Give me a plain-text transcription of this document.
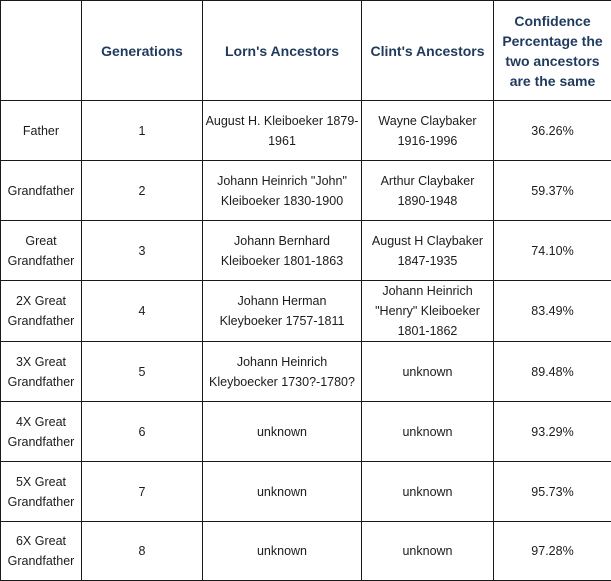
	Generations	Lorn's Ancestors	Clint's Ancestors	Confidence Percentage the two ancestors are the same
Father	1	August H. Kleiboeker 1879-1961	Wayne Claybaker 1916-1996	36.26%
Grandfather	2	Johann Heinrich "John" Kleiboeker 1830-1900	Arthur Claybaker 1890-1948	59.37%
Great Grandfather	3	Johann Bernhard Kleiboeker 1801-1863	August H Claybaker 1847-1935	74.10%
2X Great Grandfather	4	Johann Herman Kleyboeker 1757-1811	Johann Heinrich "Henry" Kleiboeker 1801-1862	83.49%
3X Great Grandfather	5	Johann Heinrich Kleyboecker 1730?-1780?	unknown	89.48%
4X Great Grandfather	6	unknown	unknown	93.29%
5X Great Grandfather	7	unknown	unknown	95.73%
6X Great Grandfather	8	unknown	unknown	97.28%
